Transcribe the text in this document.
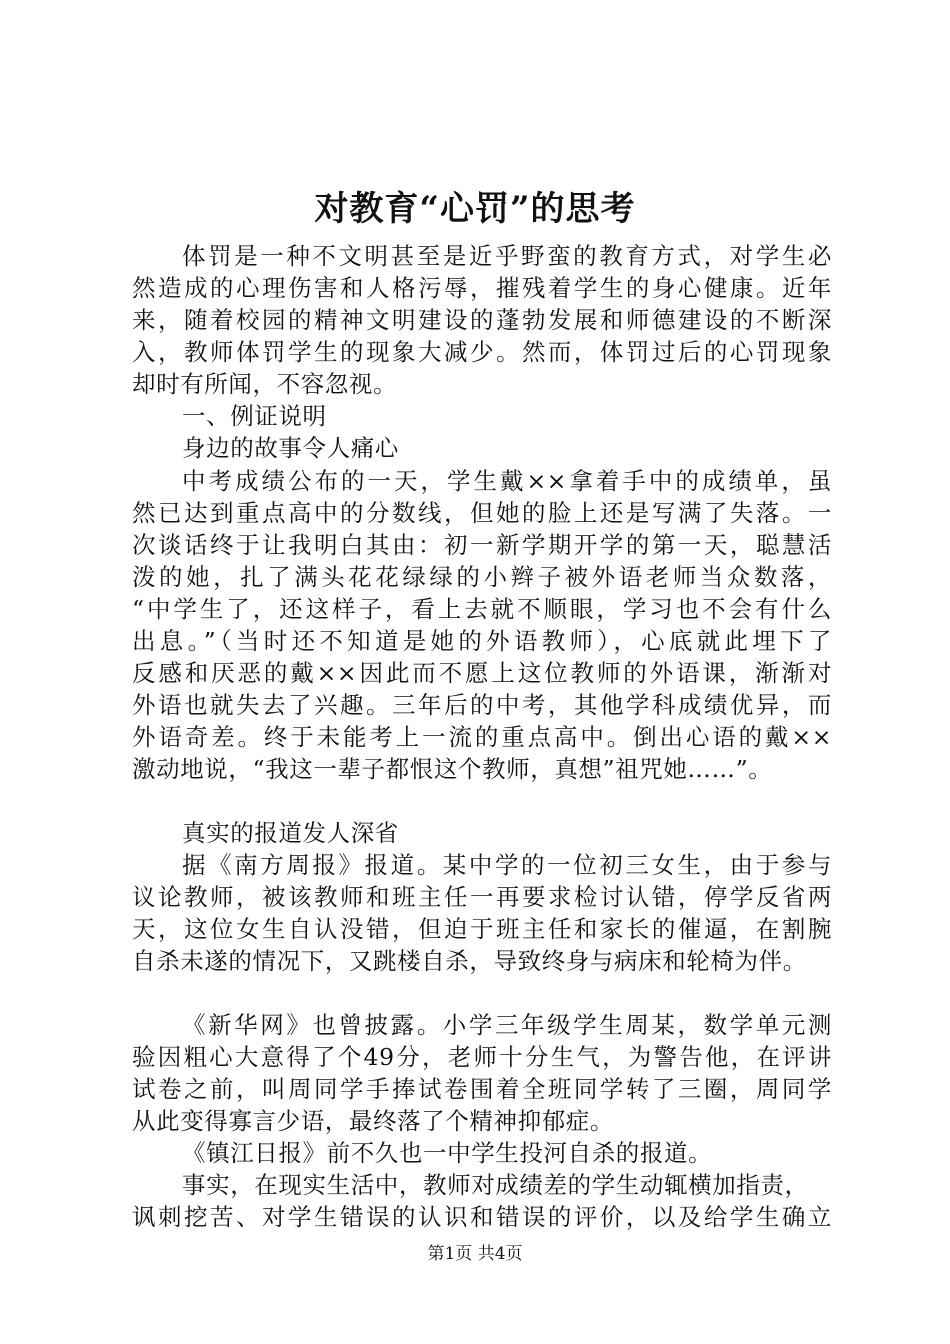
对教育“心罚”的思考
体罚是一种不文明甚至是近乎野蛮的教育方式，对学生必
然造成的心理伤害和人格污辱，摧残着学生的身心健康。近年
来，随着校园的精神文明建设的蓬勃发展和师德建设的不断深
入，教师体罚学生的现象大减少。然而，体罚过后的心罚现象
却时有所闻，不容忽视。
一、例证说明
身边的故事令人痛心
中考成绩公布的一天，学生戴××拿着手中的成绩单，虽
然已达到重点高中的分数线，但她的脸上还是写满了失落。一
次谈话终于让我明白其由：初一新学期开学的第一天，聪慧活
泼的她，扎了满头花花绿绿的小辫子被外语老师当众数落，
“中学生了，还这样子，看上去就不顺眼，学习也不会有什么
出息。”（当时还不知道是她的外语教师），心底就此埋下了
反感和厌恶的戴××因此而不愿上这位教师的外语课，渐渐对
外语也就失去了兴趣。三年后的中考，其他学科成绩优异，而
外语奇差。终于未能考上一流的重点高中。倒出心语的戴××
激动地说，“我这一辈子都恨这个教师，真想”祖咒她……”。
真实的报道发人深省
据《南方周报》报道。某中学的一位初三女生，由于参与
议论教师，被该教师和班主任一再要求检讨认错，停学反省两
天，这位女生自认没错，但迫于班主任和家长的催逼，在割腕
自杀未遂的情况下，又跳楼自杀，导致终身与病床和轮椅为伴。
《新华网》也曾披露。小学三年级学生周某，数学单元测
验因粗心大意得了个49分，老师十分生气，为警告他，在评讲
试卷之前，叫周同学手捧试卷围着全班同学转了三圈，周同学
从此变得寡言少语，最终落了个精神抑郁症。
《镇江日报》前不久也一中学生投河自杀的报道。
事实，在现实生活中，教师对成绩差的学生动辄横加指责，
讽刺挖苦、对学生错误的认识和错误的评价，以及给学生确立
第1页 共4页
